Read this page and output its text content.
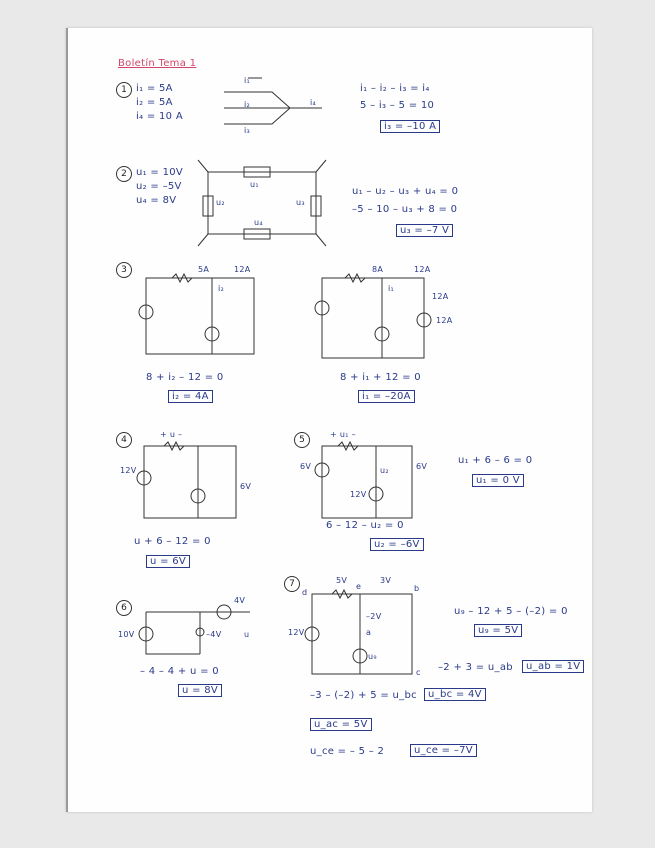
Boletín Tema 1
1 i₁ = 5A
i₂ = 5A
i₄ = 10 A
i₁
i₂
i₃
i₄
i₁ – i₂ – i₃ = i₄
5 – i₃ – 5 = 10
i₃ = –10 A
2 u₁ = 10V
u₂ = –5V
u₄ = 8V
u₁
u₂	u₃
u₄
u₁ – u₂ – u₃ + u₄ = 0
–5 – 10 – u₃ + 8 = 0
u₃ = –7 V
3	5A	12A
i₂
8 + i₂ – 12 = 0
i₂ = 4A
8A	12A
i₁
12A
12A
8 + i₁ + 12 = 0
i₁ = –20A
4
+ u –
12V
6V
u + 6 – 12 = 0
u = 6V
5
+ u₁ –
6V	u₂
12V
6V
u₁ + 6 – 6 = 0
u₁ = 0 V
6 – 12 – u₂ = 0
u₂ = –6V
6
4V
10V	–4V	u
– 4 – 4 + u = 0
u = 8V
7	5V	3V
a
b
c
d
e
12V
–2V
u₉
u₉ – 12 + 5 – (–2) = 0
u₉ = 5V
–2 + 3 = u_ab	u_ab = 1V
–3 – (–2) + 5 = u_bc	u_bc = 4V
u_ac = 5V
u_ce = – 5 – 2	u_ce = –7V
